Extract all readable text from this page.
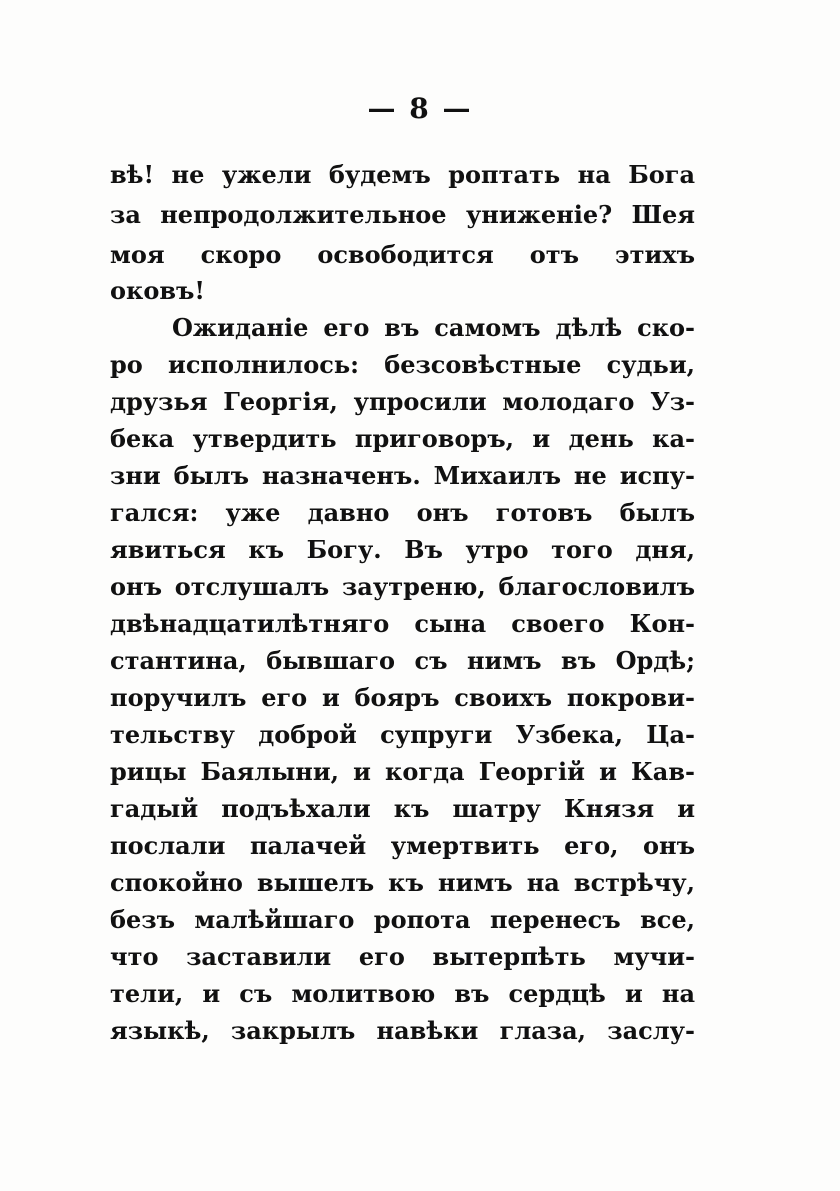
— 8 —
вѣ! не ужели будемъ роптать на Бога
за непродолжительное униженіе? Шея
моя скоро освободится отъ этихъ
оковъ!
Ожиданіе его въ самомъ дѣлѣ ско-
ро исполнилось: безсовѣстные судьи,
друзья Георгія, упросили молодаго Уз-
бека утвердить приговоръ, и день ка-
зни былъ назначенъ. Михаилъ не испу-
гался: уже давно онъ готовъ былъ
явиться къ Богу. Въ утро того дня,
онъ отслушалъ заутреню, благословилъ
двѣнадцатилѣтняго сына своего Кон-
стантина, бывшаго съ нимъ въ Ордѣ;
поручилъ его и бояръ своихъ покрови-
тельству доброй супруги Узбека, Ца-
рицы Баялыни, и когда Георгій и Кав-
гадый подъѣхали къ шатру Князя и
послали палачей умертвить его, онъ
спокойно вышелъ къ нимъ на встрѣчу,
безъ малѣйшаго ропота перенесъ все,
что заставили его вытерпѣть мучи-
тели, и съ молитвою въ сердцѣ и на
языкѣ, закрылъ навѣки глаза, заслу-
